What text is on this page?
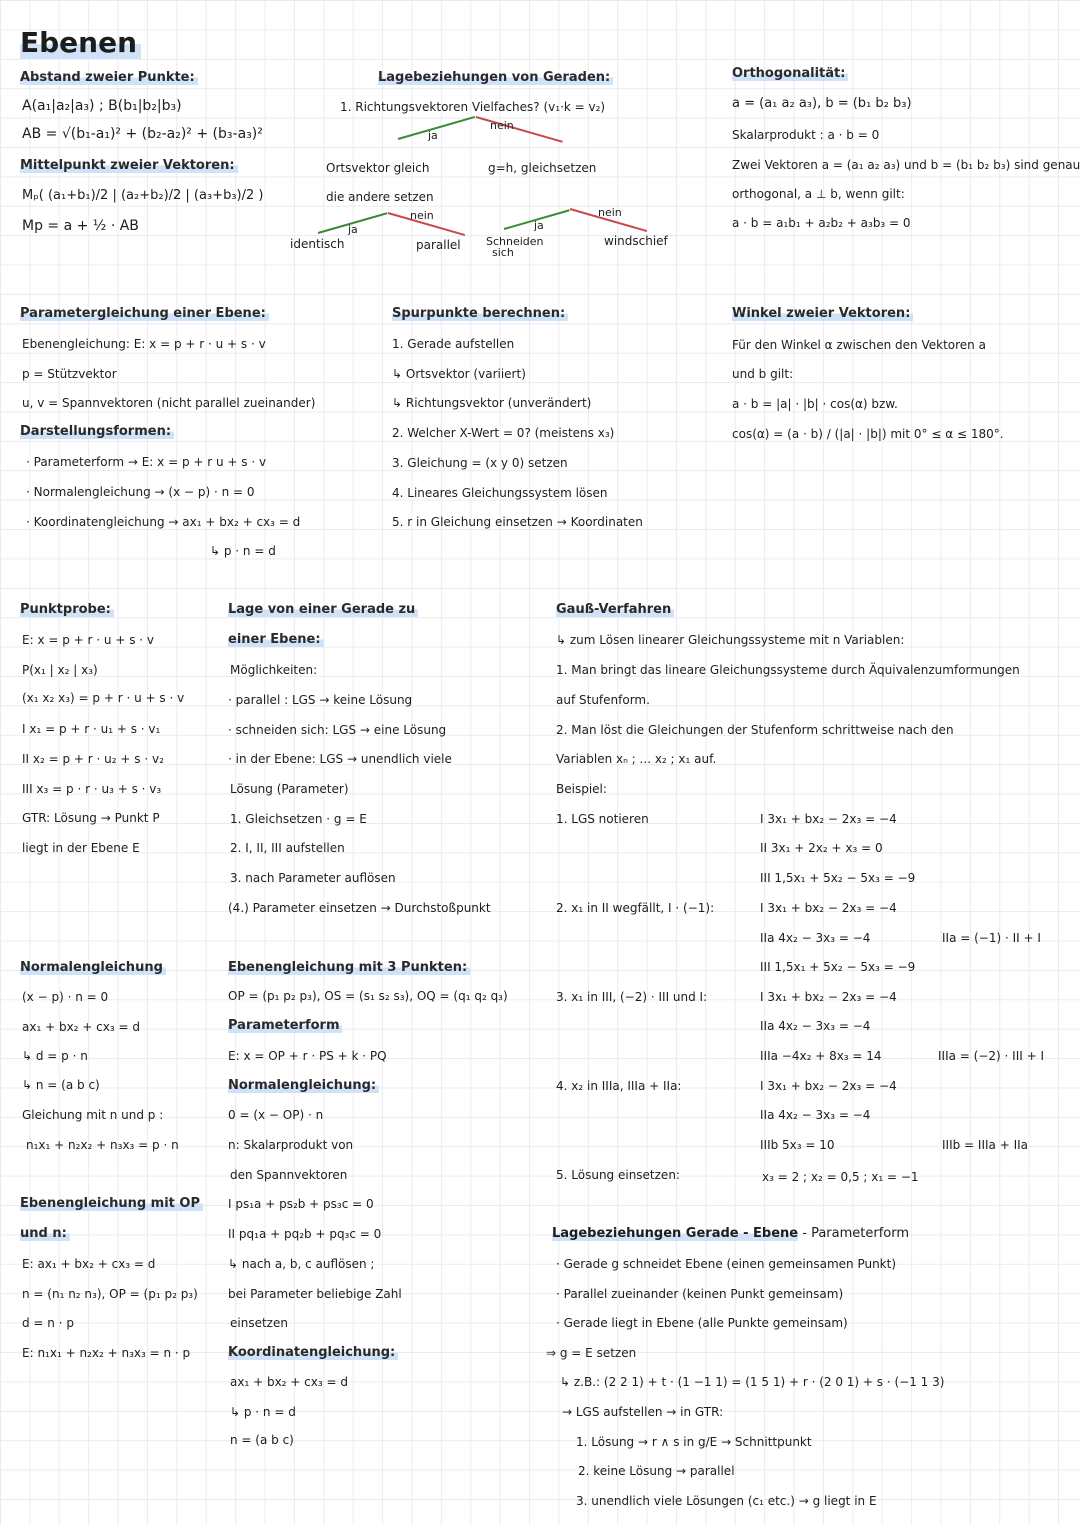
Ebenen
Abstand zweier Punkte:
A(a₁|a₂|a₃) ; B(b₁|b₂|b₃)
AB = √(b₁-a₁)² + (b₂-a₂)² + (b₃-a₃)²
Mittelpunkt zweier Vektoren:
Mₚ( (a₁+b₁)/2 | (a₂+b₂)/2 | (a₃+b₃)/2 )
Mp = a + ½ · AB
Lagebeziehungen von Geraden:
1. Richtungsvektoren Vielfaches? (v₁·k = v₂)
ja
nein
Ortsvektor gleich	g=h, gleichsetzen
die andere setzen
ja
nein
ja
nein
identisch	parallel Schneiden
sich
windschief
Orthogonalität:
a = (a₁ a₂ a₃), b = (b₁ b₂ b₃)
Skalarprodukt : a · b = 0
Zwei Vektoren a = (a₁ a₂ a₃) und b = (b₁ b₂ b₃) sind genau
orthogonal, a ⊥ b, wenn gilt:
a · b = a₁b₁ + a₂b₂ + a₃b₃ = 0
Parametergleichung einer Ebene:
Ebenengleichung: E: x = p + r · u + s · v
p = Stützvektor
u, v = Spannvektoren (nicht parallel zueinander)
Darstellungsformen:
· Parameterform → E: x = p + r u + s · v
· Normalengleichung → (x − p) · n = 0
· Koordinatengleichung → ax₁ + bx₂ + cx₃ = d
↳ p · n = d
Spurpunkte berechnen:
1. Gerade aufstellen
↳ Ortsvektor (variiert)
↳ Richtungsvektor (unverändert)
2. Welcher X-Wert = 0? (meistens x₃)
3. Gleichung = (x y 0) setzen
4. Lineares Gleichungssystem lösen
5. r in Gleichung einsetzen → Koordinaten
Winkel zweier Vektoren:
Für den Winkel α zwischen den Vektoren a
und b gilt:
a · b = |a| · |b| · cos(α) bzw.
cos(α) = (a · b) / (|a| · |b|) mit 0° ≤ α ≤ 180°.
Punktprobe:
E: x = p + r · u + s · v
P(x₁ | x₂ | x₃)
(x₁ x₂ x₃) = p + r · u + s · v
I x₁ = p + r · u₁ + s · v₁
II x₂ = p + r · u₂ + s · v₂
III x₃ = p · r · u₃ + s · v₃
GTR: Lösung → Punkt P
liegt in der Ebene E
Lage von einer Gerade zu
einer Ebene:
Möglichkeiten:
· parallel : LGS → keine Lösung
· schneiden sich: LGS → eine Lösung
· in der Ebene: LGS → unendlich viele
Lösung (Parameter)
1. Gleichsetzen · g = E
2. I, II, III aufstellen
3. nach Parameter auflösen
(4.) Parameter einsetzen → Durchstoßpunkt
Gauß-Verfahren
↳ zum Lösen linearer Gleichungssysteme mit n Variablen:
1. Man bringt das lineare Gleichungssysteme durch Äquivalenzumformungen
auf Stufenform.
2. Man löst die Gleichungen der Stufenform schrittweise nach den
Variablen xₙ ; ... x₂ ; x₁ auf.
Beispiel:
1. LGS notieren	I 3x₁ + bx₂ − 2x₃ = −4
II 3x₁ + 2x₂ + x₃ = 0
III 1,5x₁ + 5x₂ − 5x₃ = −9
2. x₁ in II wegfällt, I · (−1):	I 3x₁ + bx₂ − 2x₃ = −4
IIa 4x₂ − 3x₃ = −4	IIa = (−1) · II + I
III 1,5x₁ + 5x₂ − 5x₃ = −9
3. x₁ in III, (−2) · III und I:	I 3x₁ + bx₂ − 2x₃ = −4
IIa 4x₂ − 3x₃ = −4
IIIa −4x₂ + 8x₃ = 14	IIIa = (−2) · III + I
4. x₂ in IIIa, IIIa + IIa:	I 3x₁ + bx₂ − 2x₃ = −4
IIa 4x₂ − 3x₃ = −4
IIIb 5x₃ = 10	IIIb = IIIa + IIa
5. Lösung einsetzen:	x₃ = 2 ; x₂ = 0,5 ; x₁ = −1
Normalengleichung
(x − p) · n = 0
ax₁ + bx₂ + cx₃ = d
↳ d = p · n
↳ n = (a b c)
Gleichung mit n und p :
n₁x₁ + n₂x₂ + n₃x₃ = p · n
Ebenengleichung mit 3 Punkten:
OP = (p₁ p₂ p₃), OS = (s₁ s₂ s₃), OQ = (q₁ q₂ q₃)
Parameterform
E: x = OP + r · PS + k · PQ
Normalengleichung:
0 = (x − OP) · n
n: Skalarprodukt von
den Spannvektoren
I ps₁a + ps₂b + ps₃c = 0
II pq₁a + pq₂b + pq₃c = 0
↳ nach a, b, c auflösen ;
bei Parameter beliebige Zahl
einsetzen
Koordinatengleichung:
ax₁ + bx₂ + cx₃ = d
↳ p · n = d
n = (a b c)
Ebenengleichung mit OP
und n:
E: ax₁ + bx₂ + cx₃ = d
n = (n₁ n₂ n₃), OP = (p₁ p₂ p₃)
d = n · p
E: n₁x₁ + n₂x₂ + n₃x₃ = n · p
Lagebeziehungen Gerade - Ebene - Parameterform
· Gerade g schneidet Ebene (einen gemeinsamen Punkt)
· Parallel zueinander (keinen Punkt gemeinsam)
· Gerade liegt in Ebene (alle Punkte gemeinsam)
⇒ g = E setzen
↳ z.B.: (2 2 1) + t · (1 −1 1) = (1 5 1) + r · (2 0 1) + s · (−1 1 3)
→ LGS aufstellen → in GTR:
1. Lösung → r ∧ s in g/E → Schnittpunkt
2. keine Lösung → parallel
3. unendlich viele Lösungen (c₁ etc.) → g liegt in E
